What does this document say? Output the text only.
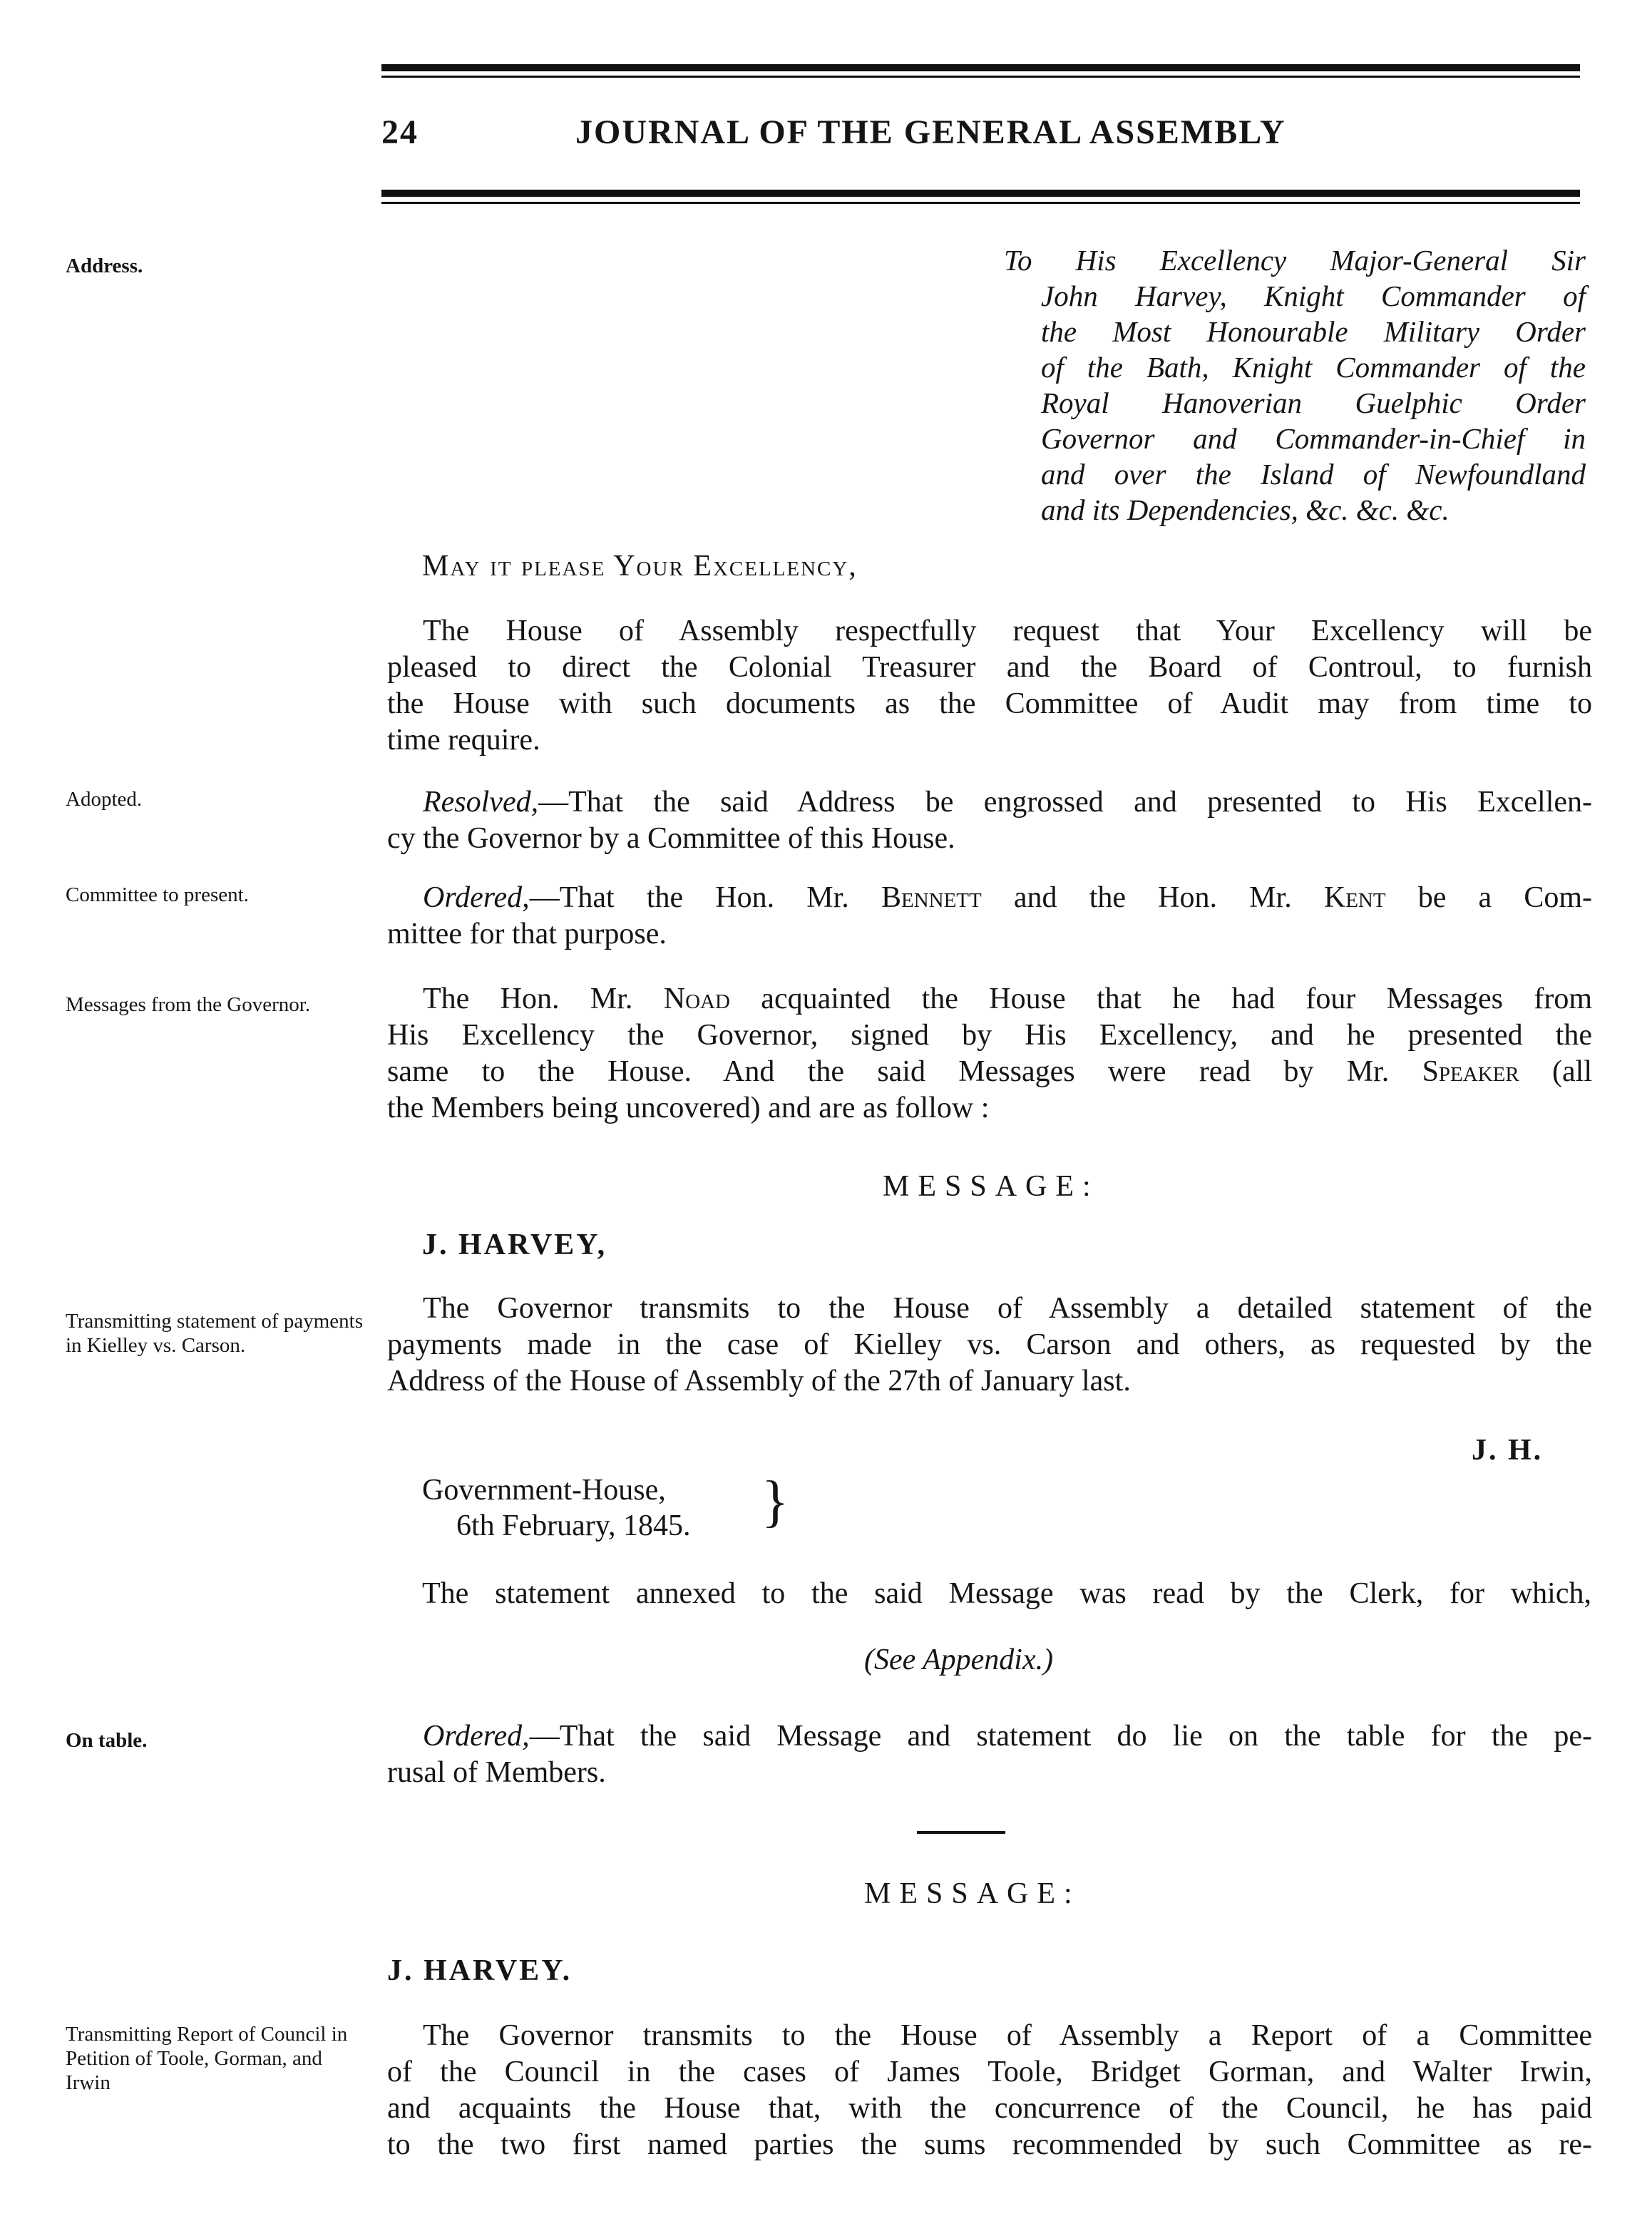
24	JOURNAL OF THE GENERAL ASSEMBLY
Address.
Adopted.
Committee to present.
Messages from the Governor.
Transmitting statement of payments in Kielley vs. Carson.
On table.
Transmitting Report of Council in Petition of Toole, Gorman, and Irwin
To His Excellency Major-General Sir
John Harvey, Knight Commander of
the Most Honourable Military Order
of the Bath, Knight Commander of the
Royal Hanoverian Guelphic Order
Governor and Commander-in-Chief in
and over the Island of Newfoundland
and its Dependencies, &c. &c. &c.
May it please Your Excellency,
The House of Assembly respectfully request that Your Excellency will be
pleased to direct the Colonial Treasurer and the Board of Controul, to furnish
the House with such documents as the Committee of Audit may from time to
time require.
Resolved,—That the said Address be engrossed and presented to His Excellen-
cy the Governor by a Committee of this House.
Ordered,—That the Hon. Mr. Bennett and the Hon. Mr. Kent be a Com-
mittee for that purpose.
The Hon. Mr. Noad acquainted the House that he had four Messages from
His Excellency the Governor, signed by His Excellency, and he presented the
same to the House. And the said Messages were read by Mr. Speaker (all
the Members being uncovered) and are as follow :
MESSAGE:
J. HARVEY,
The Governor transmits to the House of Assembly a detailed statement of the
payments made in the case of Kielley vs. Carson and others, as requested by the
Address of the House of Assembly of the 27th of January last.
J. H.
Government-House,
6th February, 1845. }
The statement annexed to the said Message was read by the Clerk, for which,
(See Appendix.)
Ordered,—That the said Message and statement do lie on the table for the pe-
rusal of Members.
MESSAGE:
J. HARVEY.
The Governor transmits to the House of Assembly a Report of a Committee
of the Council in the cases of James Toole, Bridget Gorman, and Walter Irwin,
and acquaints the House that, with the concurrence of the Council, he has paid
to the two first named parties the sums recommended by such Committee as re-
